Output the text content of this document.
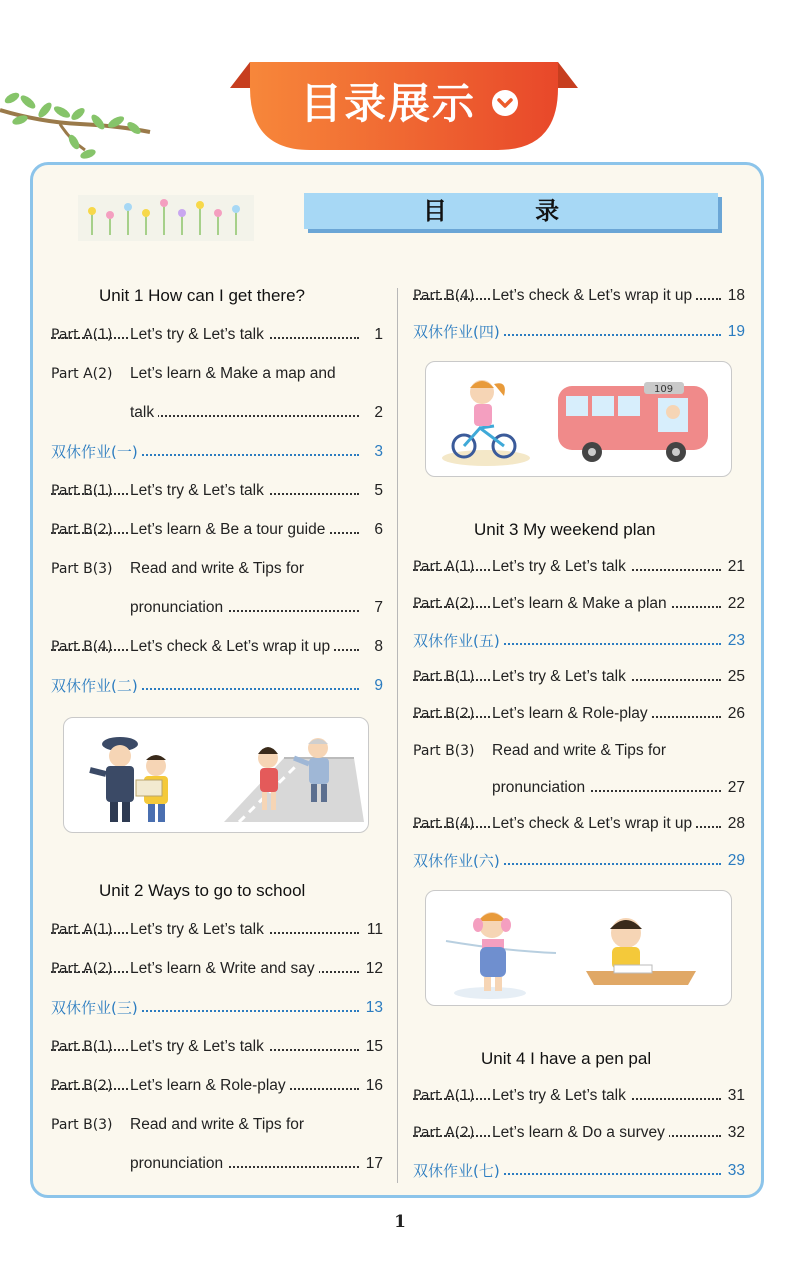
目录展示
目 录
Unit 1 How can I get there?
Part A(1) Let’s try & Let’s talk	1
Part A(2) Let’s learn & Make a map and
talk	2
双休作业(一)	3
Part B(1) Let’s try & Let’s talk	5
Part B(2) Let’s learn & Be a tour guide	6
Part B(3) Read and write & Tips for
pronunciation	7
Part B(4) Let’s check & Let’s wrap it up	8
双休作业(二)	9
Unit 2 Ways to go to school
Part A(1) Let’s try & Let’s talk	11
Part A(2) Let’s learn & Write and say	12
双休作业(三)	13
Part B(1) Let’s try & Let’s talk	15
Part B(2) Let’s learn & Role-play	16
Part B(3) Read and write & Tips for
pronunciation	17
Part B(4) Let’s check & Let’s wrap it up	18
双休作业(四)	19
109
Unit 3 My weekend plan
Part A(1) Let’s try & Let’s talk	21
Part A(2) Let’s learn & Make a plan	22
双休作业(五)	23
Part B(1) Let’s try & Let’s talk	25
Part B(2) Let’s learn & Role-play	26
Part B(3) Read and write & Tips for
pronunciation	27
Part B(4) Let’s check & Let’s wrap it up	28
双休作业(六)	29
Unit 4 I have a pen pal
Part A(1) Let’s try & Let’s talk	31
Part A(2) Let’s learn & Do a survey	32
双休作业(七)	33
1
